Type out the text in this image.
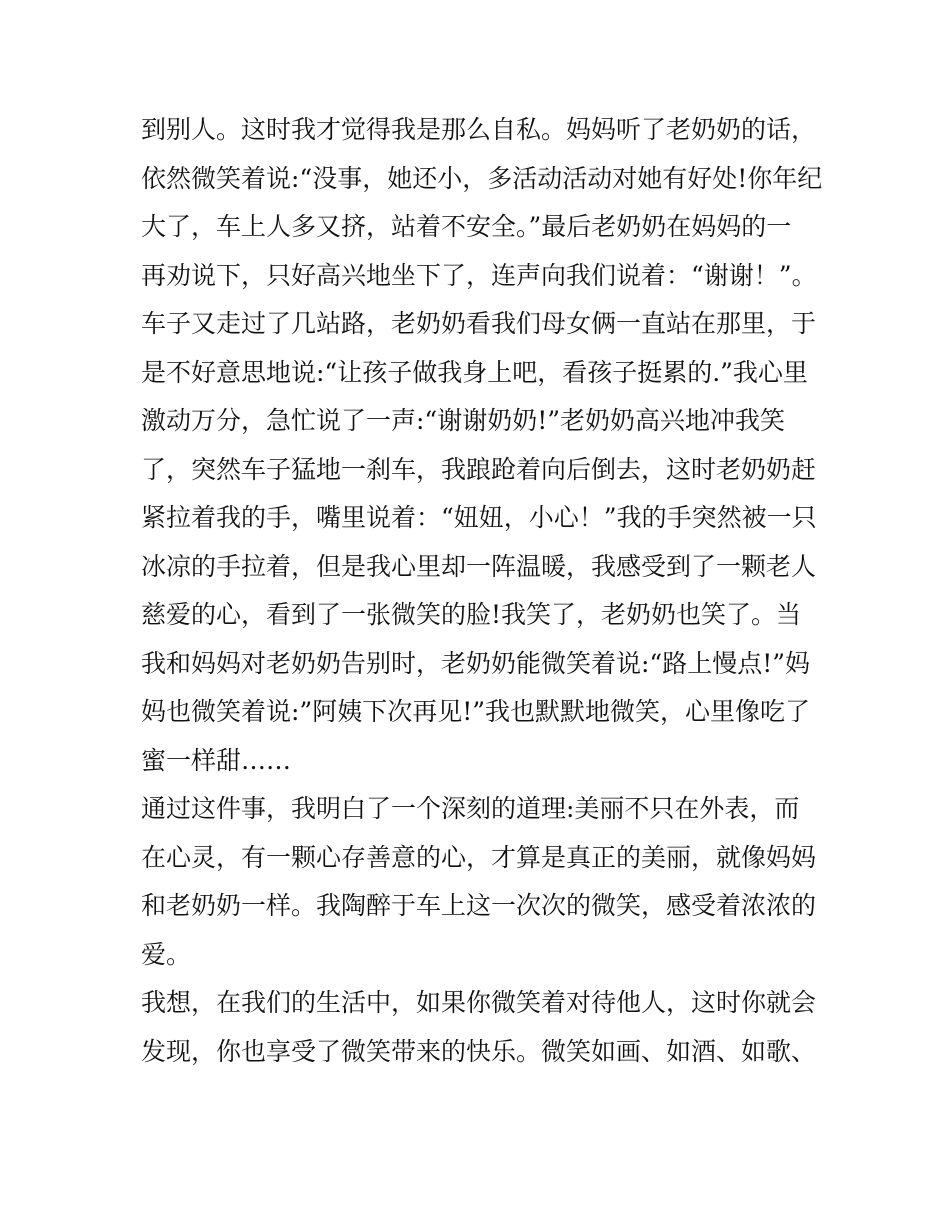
到别人。这时我才觉得我是那么自私。妈妈听了老奶奶的话，
依然微笑着说:“没事，她还小，多活动活动对她有好处!你年纪
大了，车上人多又挤，站着不安全。”最后老奶奶在妈妈的一
再劝说下，只好高兴地坐下了，连声向我们说着：“谢谢！”。
车子又走过了几站路，老奶奶看我们母女俩一直站在那里，于
是不好意思地说:“让孩子做我身上吧，看孩子挺累的.”我心里
激动万分，急忙说了一声:“谢谢奶奶!”老奶奶高兴地冲我笑
了，突然车子猛地一刹车，我踉跄着向后倒去，这时老奶奶赶
紧拉着我的手，嘴里说着：“妞妞，小心！”我的手突然被一只
冰凉的手拉着，但是我心里却一阵温暖，我感受到了一颗老人
慈爱的心，看到了一张微笑的脸!我笑了，老奶奶也笑了。当
我和妈妈对老奶奶告别时，老奶奶能微笑着说:“路上慢点!”妈
妈也微笑着说:”阿姨下次再见!”我也默默地微笑，心里像吃了
蜜一样甜……
通过这件事，我明白了一个深刻的道理:美丽不只在外表，而
在心灵，有一颗心存善意的心，才算是真正的美丽，就像妈妈
和老奶奶一样。我陶醉于车上这一次次的微笑，感受着浓浓的
爱。
我想，在我们的生活中，如果你微笑着对待他人，这时你就会
发现，你也享受了微笑带来的快乐。微笑如画、如酒、如歌、
